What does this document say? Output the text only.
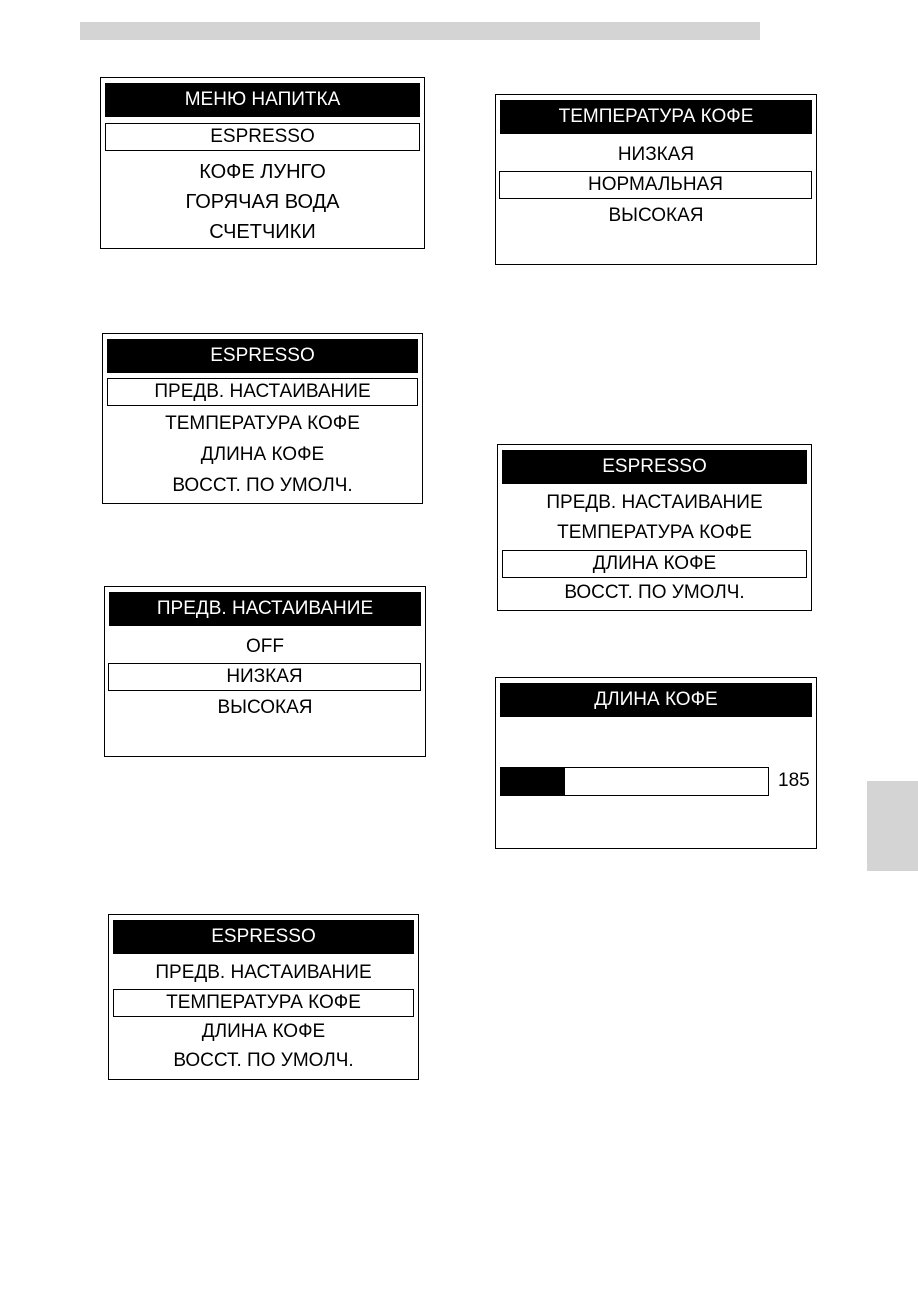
МЕНЮ НАПИТКА
ESPRESSO
КОФЕ ЛУНГО
ГОРЯЧАЯ ВОДА
СЧЕТЧИКИ
ESPRESSO
ПРЕДВ. НАСТАИВАНИЕ
ТЕМПЕРАТУРА КОФЕ
ДЛИНА КОФЕ
ВОССТ. ПО УМОЛЧ.
ПРЕДВ. НАСТАИВАНИЕ
OFF
НИЗКАЯ
ВЫСОКАЯ
ESPRESSO
ПРЕДВ. НАСТАИВАНИЕ
ТЕМПЕРАТУРА КОФЕ
ДЛИНА КОФЕ
ВОССТ. ПО УМОЛЧ.
ТЕМПЕРАТУРА КОФЕ
НИЗКАЯ
НОРМАЛЬНАЯ
ВЫСОКАЯ
ESPRESSO
ПРЕДВ. НАСТАИВАНИЕ
ТЕМПЕРАТУРА КОФЕ
ДЛИНА КОФЕ
ВОССТ. ПО УМОЛЧ.
ДЛИНА КОФЕ
185
